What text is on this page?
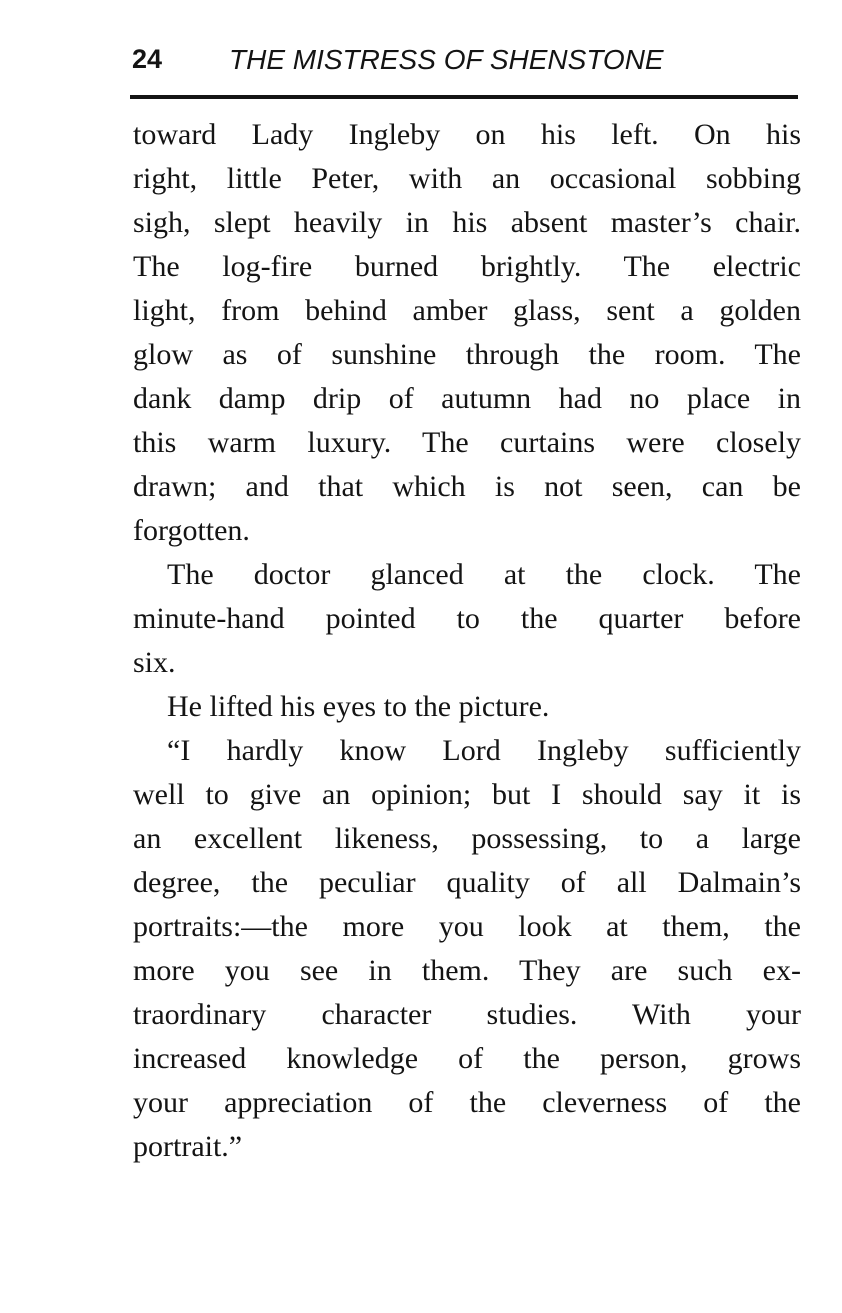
24 THE MISTRESS OF SHENSTONE
toward Lady Ingleby on his left. On his
right, little Peter, with an occasional sobbing
sigh, slept heavily in his absent master’s chair.
The log-fire burned brightly. The electric
light, from behind amber glass, sent a golden
glow as of sunshine through the room. The
dank damp drip of autumn had no place in
this warm luxury. The curtains were closely
drawn; and that which is not seen, can be
forgotten.
The doctor glanced at the clock. The
minute-hand pointed to the quarter before
six.
He lifted his eyes to the picture.
“I hardly know Lord Ingleby sufficiently
well to give an opinion; but I should say it is
an excellent likeness, possessing, to a large
degree, the peculiar quality of all Dalmain’s
portraits:—the more you look at them, the
more you see in them. They are such ex-
traordinary character studies. With your
increased knowledge of the person, grows
your appreciation of the cleverness of the
portrait.”
